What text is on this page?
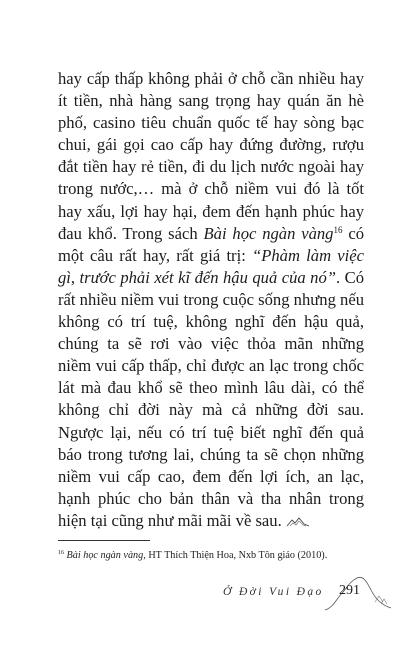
hay cấp thấp không phải ở chỗ cần nhiều hay ít tiền, nhà hàng sang trọng hay quán ăn hè phố, casino tiêu chuẩn quốc tế hay sòng bạc chui, gái gọi cao cấp hay đứng đường, rượu đắt tiền hay rẻ tiền, đi du lịch nước ngoài hay trong nước,… mà ở chỗ niềm vui đó là tốt hay xấu, lợi hay hại, đem đến hạnh phúc hay đau khổ. Trong sách Bài học ngàn vàng$^{16}$ có một câu rất hay, rất giá trị: “Phàm làm việc gì, trước phải xét kĩ đến hậu quả của nó”. Có rất nhiều niềm vui trong cuộc sống nhưng nếu không có trí tuệ, không nghĩ đến hậu quả, chúng ta sẽ rơi vào việc thỏa mãn những niềm vui cấp thấp, chỉ được an lạc trong chốc lát mà đau khổ sẽ theo mình lâu dài, có thể không chỉ đời này mà cả những đời sau. Ngược lại, nếu có trí tuệ biết nghĩ đến quả báo trong tương lai, chúng ta sẽ chọn những niềm vui cấp cao, đem đến lợi ích, an lạc, hạnh phúc cho bản thân và tha nhân trong hiện tại cũng như mãi mãi về sau.

$^{16}$ Bài học ngàn vàng, HT Thích Thiện Hoa, Nxb Tôn giáo (2010).
Ở Đời Vui Đạo 291
